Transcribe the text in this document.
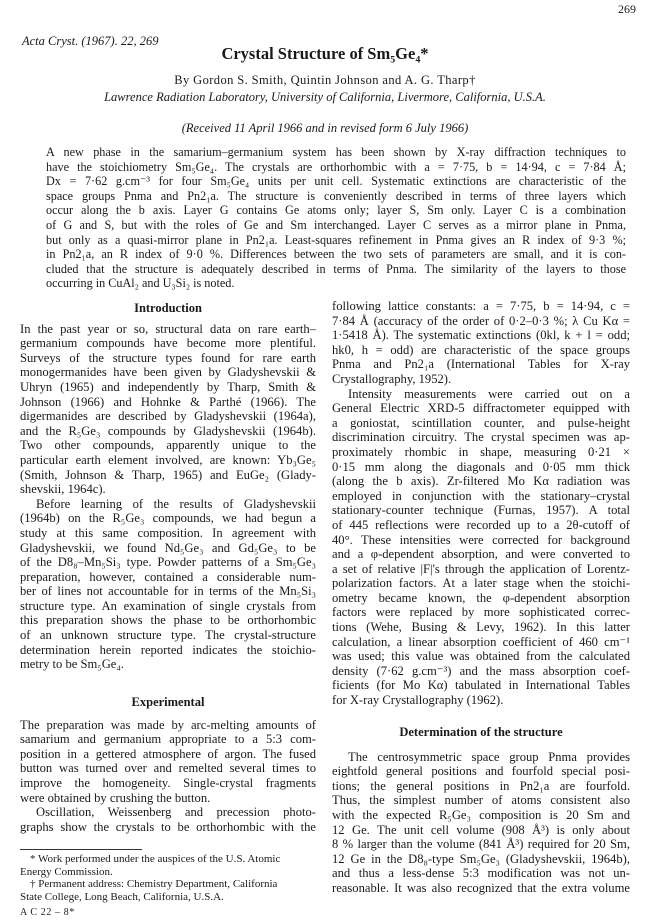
269
Acta Cryst. (1967). 22, 269
Crystal Structure of Sm₅Ge₄*
By Gordon S. Smith, Quintin Johnson and A. G. Tharp†
Lawrence Radiation Laboratory, University of California, Livermore, California, U.S.A.
(Received 11 April 1966 and in revised form 6 July 1966)
A new phase in the samarium–germanium system has been shown by X-ray diffraction techniques to
have the stoichiometry Sm₅Ge₄. The crystals are orthorhombic with a = 7·75, b = 14·94, c = 7·84 Å;
Dx = 7·62 g.cm⁻³ for four Sm₅Ge₄ units per unit cell. Systematic extinctions are characteristic of the
space groups Pnma and Pn2₁a. The structure is conveniently described in terms of three layers which
occur along the b axis. Layer G contains Ge atoms only; layer S, Sm only. Layer C is a combination
of G and S, but with the roles of Ge and Sm interchanged. Layer C serves as a mirror plane in Pnma,
but only as a quasi-mirror plane in Pn2₁a. Least-squares refinement in Pnma gives an R index of 9·3 %;
in Pn2₁a, an R index of 9·0 %. Differences between the two sets of parameters are small, and it is con-
cluded that the structure is adequately described in terms of Pnma. The similarity of the layers to those
occurring in CuAl₂ and U₃Si₂ is noted.
Introduction
In the past year or so, structural data on rare earth–
germanium compounds have become more plentiful.
Surveys of the structure types found for rare earth
monogermanides have been given by Gladyshevskii &
Uhryn (1965) and independently by Tharp, Smith &
Johnson (1966) and Hohnke & Parthé (1966). The
digermanides are described by Gladyshevskii (1964a),
and the R₅Ge₃ compounds by Gladyshevskii (1964b).
Two other compounds, apparently unique to the
particular earth element involved, are known: Yb₃Ge₅
(Smith, Johnson & Tharp, 1965) and EuGe₂ (Glady-
shevskii, 1964c).
Before learning of the results of Gladyshevskii
(1964b) on the R₅Ge₃ compounds, we had begun a
study at this same composition. In agreement with
Gladyshevskii, we found Nd₅Ge₃ and Gd₅Ge₃ to be
of the D8₈–Mn₅Si₃ type. Powder patterns of a Sm₅Ge₃
preparation, however, contained a considerable num-
ber of lines not accountable for in terms of the Mn₅Si₃
structure type. An examination of single crystals from
this preparation shows the phase to be orthorhombic
of an unknown structure type. The crystal-structure
determination herein reported indicates the stoichio-
metry to be Sm₅Ge₄.
Experimental
The preparation was made by arc-melting amounts of
samarium and germanium appropriate to a 5:3 com-
position in a gettered atmosphere of argon. The fused
button was turned over and remelted several times to
improve the homogeneity. Single-crystal fragments
were obtained by crushing the button.
Oscillation, Weissenberg and precession photo-
graphs show the crystals to be orthorhombic with the
* Work performed under the auspices of the U.S. Atomic
Energy Commission.
† Permanent address: Chemistry Department, California
State College, Long Beach, California, U.S.A.
A C 22 – 8*
following lattice constants: a = 7·75, b = 14·94, c =
7·84 Å (accuracy of the order of 0·2–0·3 %; λ Cu Kα =
1·5418 Å). The systematic extinctions (0kl, k + l = odd;
hk0, h = odd) are characteristic of the space groups
Pnma and Pn2₁a (International Tables for X-ray
Crystallography, 1952).
Intensity measurements were carried out on a
General Electric XRD-5 diffractometer equipped with
a goniostat, scintillation counter, and pulse-height
discrimination circuitry. The crystal specimen was ap-
proximately rhombic in shape, measuring 0·21 ×
0·15 mm along the diagonals and 0·05 mm thick
(along the b axis). Zr-filtered Mo Kα radiation was
employed in conjunction with the stationary–crystal
stationary-counter technique (Furnas, 1957). A total
of 445 reflections were recorded up to a 2θ-cutoff of
40°. These intensities were corrected for background
and a φ-dependent absorption, and were converted to
a set of relative |F|'s through the application of Lorentz-
polarization factors. At a later stage when the stoichi-
ometry became known, the φ-dependent absorption
factors were replaced by more sophisticated correc-
tions (Wehe, Busing & Levy, 1962). In this latter
calculation, a linear absorption coefficient of 460 cm⁻¹
was used; this value was obtained from the calculated
density (7·62 g.cm⁻³) and the mass absorption coef-
ficients (for Mo Kα) tabulated in International Tables
for X-ray Crystallography (1962).
Determination of the structure
The centrosymmetric space group Pnma provides
eightfold general positions and fourfold special posi-
tions; the general positions in Pn2₁a are fourfold.
Thus, the simplest number of atoms consistent also
with the expected R₅Ge₃ composition is 20 Sm and
12 Ge. The unit cell volume (908 Å³) is only about
8 % larger than the volume (841 Å³) required for 20 Sm,
12 Ge in the D8₈-type Sm₅Ge₃ (Gladyshevskii, 1964b),
and thus a less-dense 5:3 modification was not un-
reasonable. It was also recognized that the extra volume
